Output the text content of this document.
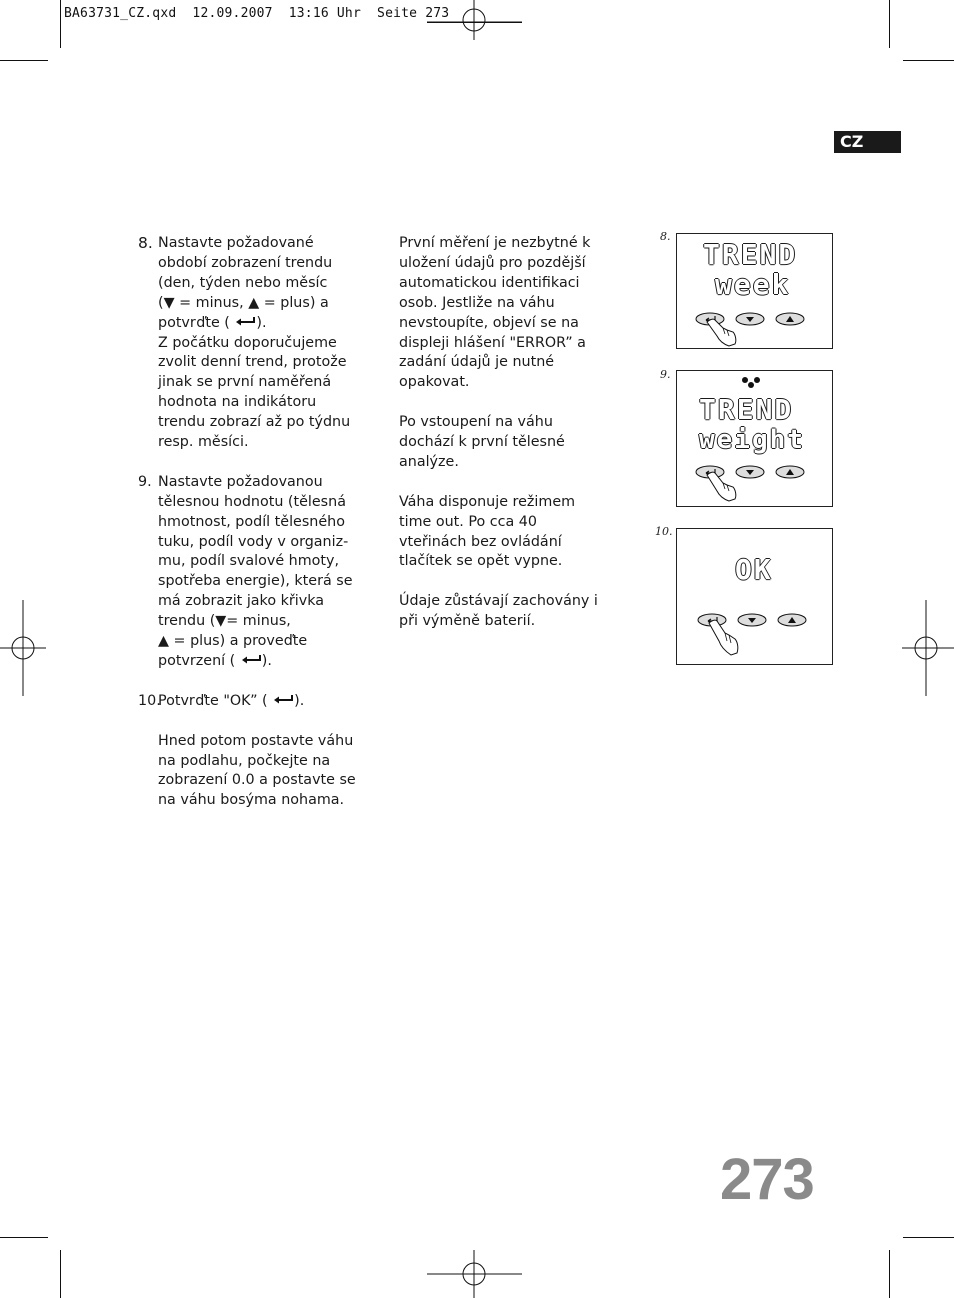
BA63731_CZ.qxd  12.09.2007  13:16 Uhr  Seite 273
CZ
8. Nastavte požadované
období zobrazení trendu
(den, týden nebo měsíc
(▼ = minus, ▲ = plus) a
potvrďte ( ).
Z počátku doporučujeme
zvolit denní trend, protože
jinak se první naměřená
hodnota na indikátoru
trendu zobrazí až po týdnu
resp. měsíci.
9. Nastavte požadovanou
tělesnou hodnotu (tělesná
hmotnost, podíl tělesného
tuku, podíl vody v organiz-
mu, podíl svalové hmoty,
spotřeba energie), která se
má zobrazit jako křivka
trendu (▼= minus,
▲ = plus) a proveďte
potvrzení ( ).
10.
Potvrďte "OK” ( ).
Hned potom postavte váhu
na podlahu, počkejte na
zobrazení 0.0 a postavte se
na váhu bosýma nohama.
První měření je nezbytné k
uložení údajů pro pozdější
automatickou identifikaci
osob. Jestliže na váhu
nevstoupíte, objeví se na
displeji hlášení "ERROR” a
zadání údajů je nutné
opakovat.
Po vstoupení na váhu
dochází k první tělesné
analýze.
Váha disponuje režimem
time out. Po cca 40
vteřinách bez ovládání
tlačítek se opět vypne.
Údaje zůstávají zachovány i
při výměně baterií.
8.
TREND
week
9.
TREND
weight
10.
OK
273
